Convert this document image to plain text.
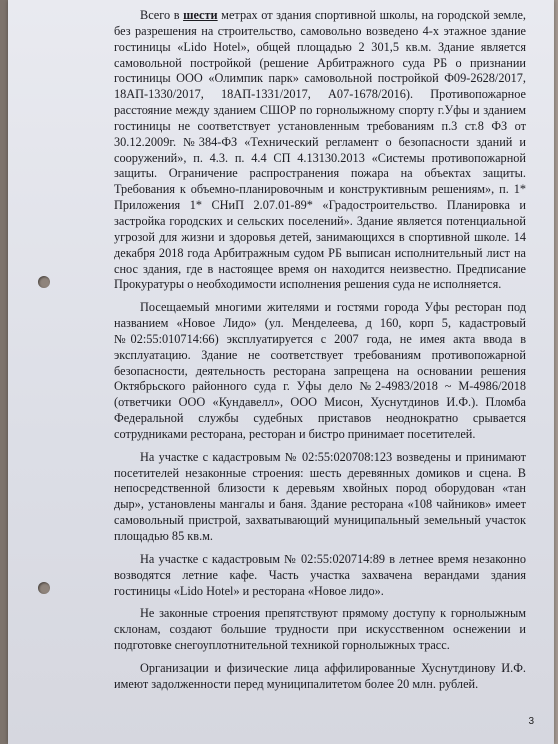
Всего в шести метрах от здания спортивной школы, на городской земле, без разрешения на строительство, самовольно возведено 4-х этажное здание гостиницы «Lido Hotel», общей площадью 2 301,5 кв.м. Здание является самовольной постройкой (решение Арбитражного суда РБ о признании гостиницы ООО «Олимпик парк» самовольной постройкой Ф09-2628/2017, 18АП-1330/2017, 18АП-1331/2017, А07-1678/2016). Противопожарное расстояние между зданием СШОР по горнолыжному спорту г.Уфы и зданием гостиницы не соответствует установленным требованиям п.3 ст.8 ФЗ от 30.12.2009г. №384-ФЗ «Технический регламент о безопасности зданий и сооружений», п. 4.3. п. 4.4 СП 4.13130.2013 «Системы противопожарной защиты. Ограничение распространения пожара на объектах защиты. Требования к объемно-планировочным и конструктивным решениям», п. 1* Приложения 1* СНиП 2.07.01-89* «Градостроительство. Планировка и застройка городских и сельских поселений». Здание является потенциальной угрозой для жизни и здоровья детей, занимающихся в спортивной школе. 14 декабря 2018 года Арбитражным судом РБ выписан исполнительный лист на снос здания, где в настоящее время он находится неизвестно. Предписание Прокуратуры о необходимости исполнения решения суда не исполняется.

Посещаемый многими жителями и гостями города Уфы ресторан под названием «Новое Лидо» (ул. Менделеева, д 160, корп 5, кадастровый №02:55:010714:66) эксплуатируется с 2007 года, не имея акта ввода в эксплуатацию. Здание не соответствует требованиям противопожарной безопасности, деятельность ресторана запрещена на основании решения Октябрьского районного суда г. Уфы дело №2-4983/2018 ~ М-4986/2018 (ответчики ООО «Кундавелл», ООО Мисон, Хуснутдинов И.Ф.). Пломба Федеральной службы судебных приставов неоднократно срывается сотрудниками ресторана, ресторан и бистро принимает посетителей.

На участке с кадастровым № 02:55:020708:123 возведены и принимают посетителей незаконные строения: шесть деревянных домиков и сцена. В непосредственной близости к деревьям хвойных пород оборудован «тан дыр», установлены мангалы и баня. Здание ресторана «108 чайников» имеет самовольный пристрой, захватывающий муниципальный земельный участок площадью 85 кв.м.

На участке с кадастровым № 02:55:020714:89 в летнее время незаконно возводятся летние кафе. Часть участка захвачена верандами здания гостиницы «Lido Hotel» и ресторана «Новое лидо».

Не законные строения препятствуют прямому доступу к горнолыжным склонам, создают большие трудности при искусственном оснежении и подготовке снегоуплотнительной техникой горнолыжных трасс.

Организации и физические лица аффилированные Хуснутдинову И.Ф. имеют задолженности перед муниципалитетом более 20 млн. рублей.

3
